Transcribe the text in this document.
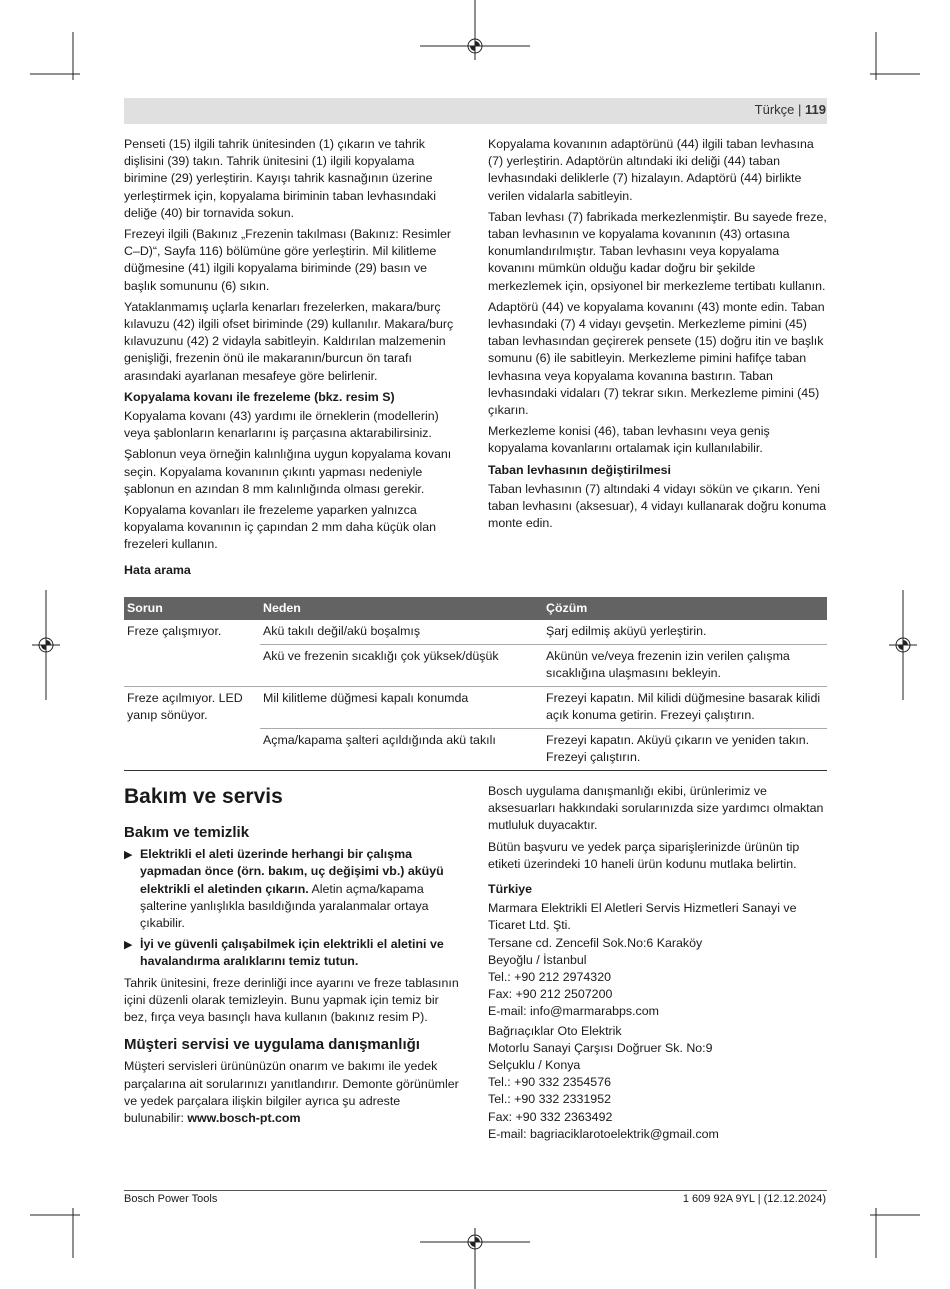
Türkçe | 119

Penseti (15) ilgili tahrik ünitesinden (1) çıkarın ve tahrik dişlisini (39) takın. Tahrik ünitesini (1) ilgili kopyalama birimine (29) yerleştirin. Kayışı tahrik kasnağının üzerine yerleştirmek için, kopyalama biriminin taban levhasındaki deliğe (40) bir tornavida sokun.

Frezeyi ilgili (Bakınız „Frezenin takılması (Bakınız: Resimler C–D)“, Sayfa 116) bölümüne göre yerleştirin. Mil kilitleme düğmesine (41) ilgili kopyalama biriminde (29) basın ve başlık somununu (6) sıkın.

Yataklanmamış uçlarla kenarları frezelerken, makara/burç kılavuzu (42) ilgili ofset biriminde (29) kullanılır. Makara/burç kılavuzunu (42) 2 vidayla sabitleyin. Kaldırılan malzemenin genişliği, frezenin önü ile makaranın/burcun ön tarafı arasındaki ayarlanan mesafeye göre belirlenir.

Kopyalama kovanı ile frezeleme (bkz. resim S)

Kopyalama kovanı (43) yardımı ile örneklerin (modellerin) veya şablonların kenarlarını iş parçasına aktarabilirsiniz.

Şablonun veya örneğin kalınlığına uygun kopyalama kovanı seçin. Kopyalama kovanının çıkıntı yapması nedeniyle şablonun en azından 8 mm kalınlığında olması gerekir.

Kopyalama kovanları ile frezeleme yaparken yalnızca kopyalama kovanının iç çapından 2 mm daha küçük olan frezeleri kullanın.

Hata arama

Kopyalama kovanının adaptörünü (44) ilgili taban levhasına (7) yerleştirin. Adaptörün altındaki iki deliği (44) taban levhasındaki deliklerle (7) hizalayın. Adaptörü (44) birlikte verilen vidalarla sabitleyin.

Taban levhası (7) fabrikada merkezlenmiştir. Bu sayede freze, taban levhasının ve kopyalama kovanının (43) ortasına konumlandırılmıştır. Taban levhasını veya kopyalama kovanını mümkün olduğu kadar doğru bir şekilde merkezlemek için, opsiyonel bir merkezleme tertibatı kullanın.

Adaptörü (44) ve kopyalama kovanını (43) monte edin. Taban levhasındaki (7) 4 vidayı gevşetin. Merkezleme pimini (45) taban levhasından geçirerek pensete (15) doğru itin ve başlık somunu (6) ile sabitleyin. Merkezleme pimini hafifçe taban levhasına veya kopyalama kovanına bastırın. Taban levhasındaki vidaları (7) tekrar sıkın. Merkezleme pimini (45) çıkarın.

Merkezleme konisi (46), taban levhasını veya geniş kopyalama kovanlarını ortalamak için kullanılabilir.

Taban levhasının değiştirilmesi

Taban levhasının (7) altındaki 4 vidayı sökün ve çıkarın. Yeni taban levhasını (aksesuar), 4 vidayı kullanarak doğru konuma monte edin.

Sorun	Neden	Çözüm
Freze çalışmıyor.	Akü takılı değil/akü boşalmış	Şarj edilmiş aküyü yerleştirin.
	Akü ve frezenin sıcaklığı çok yüksek/düşük	Akünün ve/veya frezenin izin verilen çalışma sıcaklığına ulaşmasını bekleyin.
Freze açılmıyor. LED yanıp sönüyor.	Mil kilitleme düğmesi kapalı konumda	Frezeyi kapatın. Mil kilidi düğmesine basarak kilidi açık konuma getirin. Frezeyi çalıştırın.
	Açma/kapama şalteri açıldığında akü takılı	Frezeyi kapatın. Aküyü çıkarın ve yeniden takın. Frezeyi çalıştırın.
Bakım ve servis
Bakım ve temizlik
▶ Elektrikli el aleti üzerinde herhangi bir çalışma yapmadan önce (örn. bakım, uç değişimi vb.) aküyü elektrikli el aletinden çıkarın. Aletin açma/kapama şalterine yanlışlıkla basıldığında yaralanmalar ortaya çıkabilir.
▶ İyi ve güvenli çalışabilmek için elektrikli el aletini ve havalandırma aralıklarını temiz tutun.

Tahrik ünitesini, freze derinliği ince ayarını ve freze tablasının içini düzenli olarak temizleyin. Bunu yapmak için temiz bir bez, fırça veya basınçlı hava kullanın (bakınız resim P).

Müşteri servisi ve uygulama danışmanlığı

Müşteri servisleri ürününüzün onarım ve bakımı ile yedek parçalarına ait sorularınızı yanıtlandırır. Demonte görünümler ve yedek parçalara ilişkin bilgiler ayrıca şu adreste bulunabilir: www.bosch-pt.com

Bosch uygulama danışmanlığı ekibi, ürünlerimiz ve aksesuarları hakkındaki sorularınızda size yardımcı olmaktan mutluluk duyacaktır.

Bütün başvuru ve yedek parça siparişlerinizde ürünün tip etiketi üzerindeki 10 haneli ürün kodunu mutlaka belirtin.

Türkiye
Marmara Elektrikli El Aletleri Servis Hizmetleri Sanayi ve Ticaret Ltd. Şti.
Tersane cd. Zencefil Sok.No:6 Karaköy
Beyoğlu / İstanbul
Tel.: +90 212 2974320
Fax: +90 212 2507200
E-mail: info@marmarabps.com
Bağrıaçıklar Oto Elektrik
Motorlu Sanayi Çarşısı Doğruer Sk. No:9
Selçuklu / Konya
Tel.: +90 332 2354576
Tel.: +90 332 2331952
Fax: +90 332 2363492
E-mail: bagriaciklarotoelektrik@gmail.com
Bosch Power Tools	1 609 92A 9YL | (12.12.2024)
